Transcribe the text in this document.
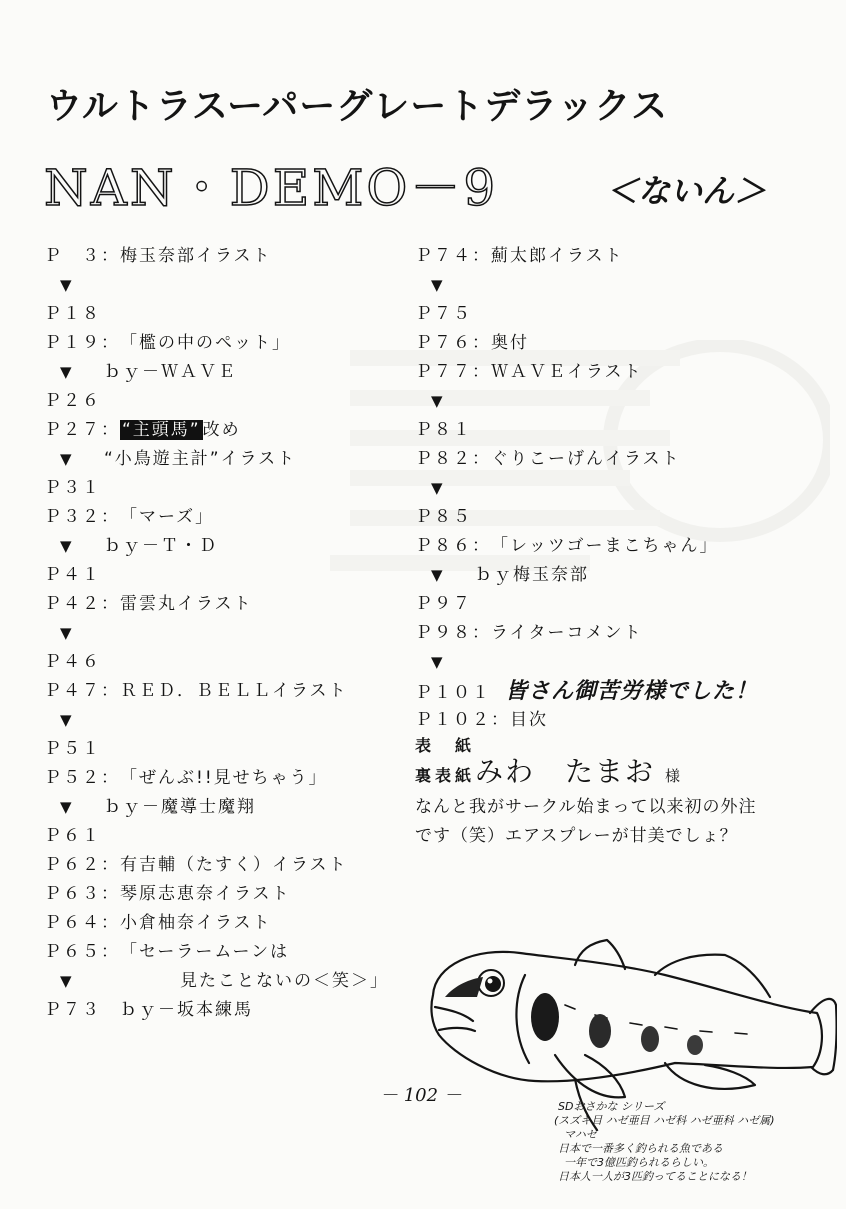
ウルトラスーパーグレートデラックス
NAN・DEMO－9	＜ないん＞
Ｐ　３：梅玉奈部イラスト
▼
Ｐ１８
Ｐ１９：「檻の中のペット」
▼ ｂｙ－ＷＡＶＥ
Ｐ２６
Ｐ２７： “主頭馬” 改め
▼ “小鳥遊主計”イラスト
Ｐ３１
Ｐ３２：「マーズ」
▼ ｂｙ－Ｔ・Ｄ
Ｐ４１
Ｐ４２：雷雲丸イラスト
▼
Ｐ４６
Ｐ４７：ＲＥＤ．ＢＥＬＬイラスト
▼
Ｐ５１
Ｐ５２：「ぜんぶ!!見せちゃう」
▼ ｂｙ－魔導士魔翔
Ｐ６１
Ｐ６２：有吉輔（たすく）イラスト
Ｐ６３：琴原志恵奈イラスト
Ｐ６４：小倉柚奈イラスト
Ｐ６５：「セーラームーンは
▼	見たことないの＜笑＞」
Ｐ７３　ｂｙ－坂本練馬
Ｐ７４：薊太郎イラスト
▼
Ｐ７５
Ｐ７６：奥付
Ｐ７７：ＷＡＶＥイラスト
▼
Ｐ８１
Ｐ８２：ぐりこーげんイラスト
▼
Ｐ８５
Ｐ８６：「レッツゴーまこちゃん」
▼ ｂｙ梅玉奈部
Ｐ９７
Ｐ９８：ライターコメント
▼
Ｐ１０１ 皆さん御苦労様でした！
Ｐ１０２：目次
表　紙
裏表紙みわ　たまお 様
なんと我がサークル始まって以来初の外注
です（笑）エアスプレーが甘美でしょ？
－ 102 －
SDおさかな シリーズ
(スズキ目 ハゼ亜目 ハゼ科 ハゼ亜科 ハゼ属)
マハゼ
日本で一番多く釣られる魚である
一年で3億匹釣られるらしい。
日本人一人が3匹釣ってることになる！
